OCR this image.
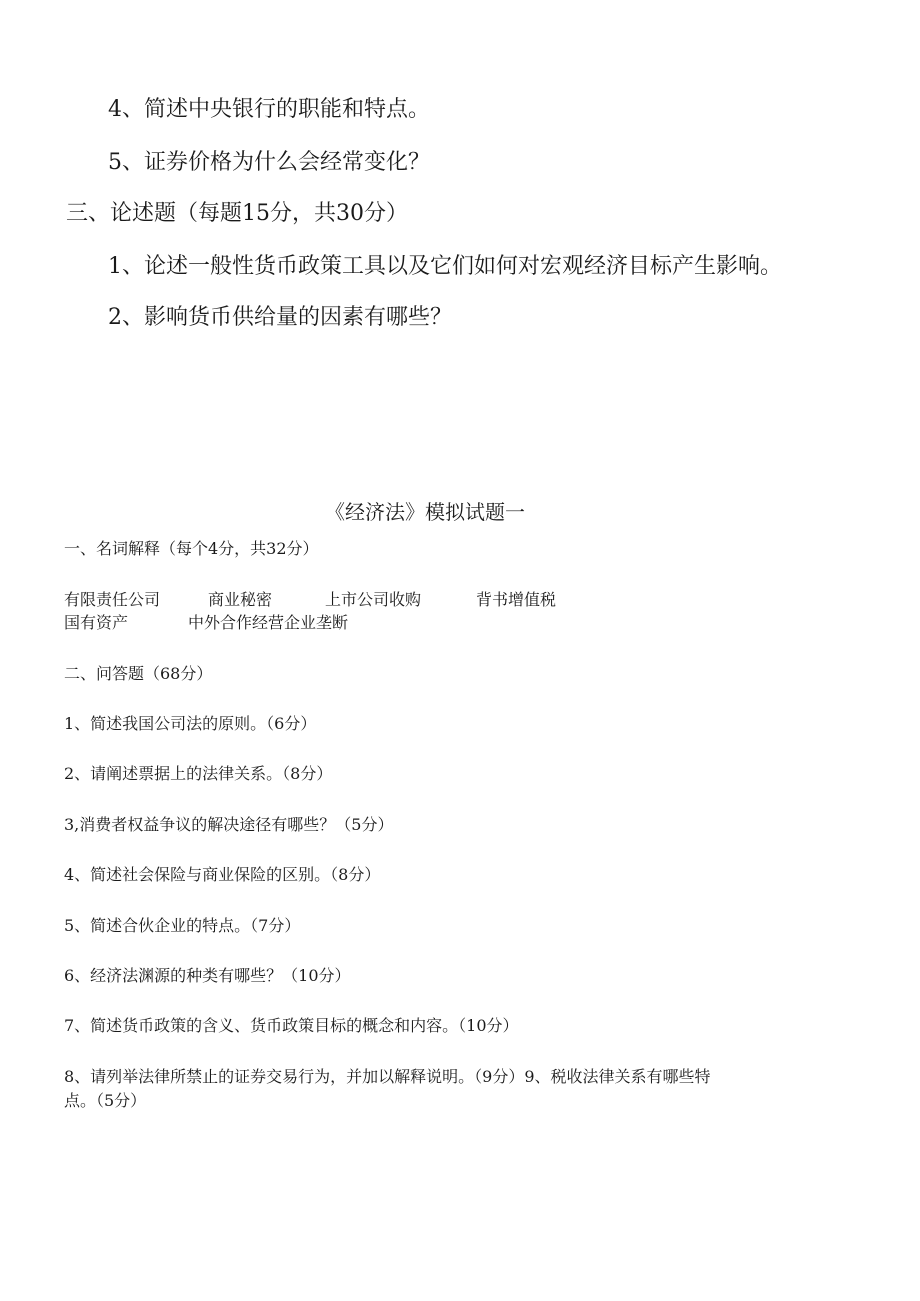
4、简述中央银行的职能和特点。
5、证券价格为什么会经常变化？
三、论述题（每题15分，共30分）
1、论述一般性货币政策工具以及它们如何对宏观经济目标产生影响。
2、影响货币供给量的因素有哪些？
《经济法》模拟试题一
一、名词解释（每个4分，共32分）
有限责任公司	商业秘密	上市公司收购	背书增值税
国有资产	中外合作经营企业垄断
二、问答题（68分）
1、简述我国公司法的原则。（6分）
2、请阐述票据上的法律关系。（8分）
3,消费者权益争议的解决途径有哪些？（5分）
4、简述社会保险与商业保险的区别。（8分）
5、简述合伙企业的特点。（7分）
6、经济法渊源的种类有哪些？（10分）
7、简述货币政策的含义、货币政策目标的概念和内容。（10分）
8、请列举法律所禁止的证券交易行为，并加以解释说明。（9分）9、税收法律关系有哪些特
点。（5分）
